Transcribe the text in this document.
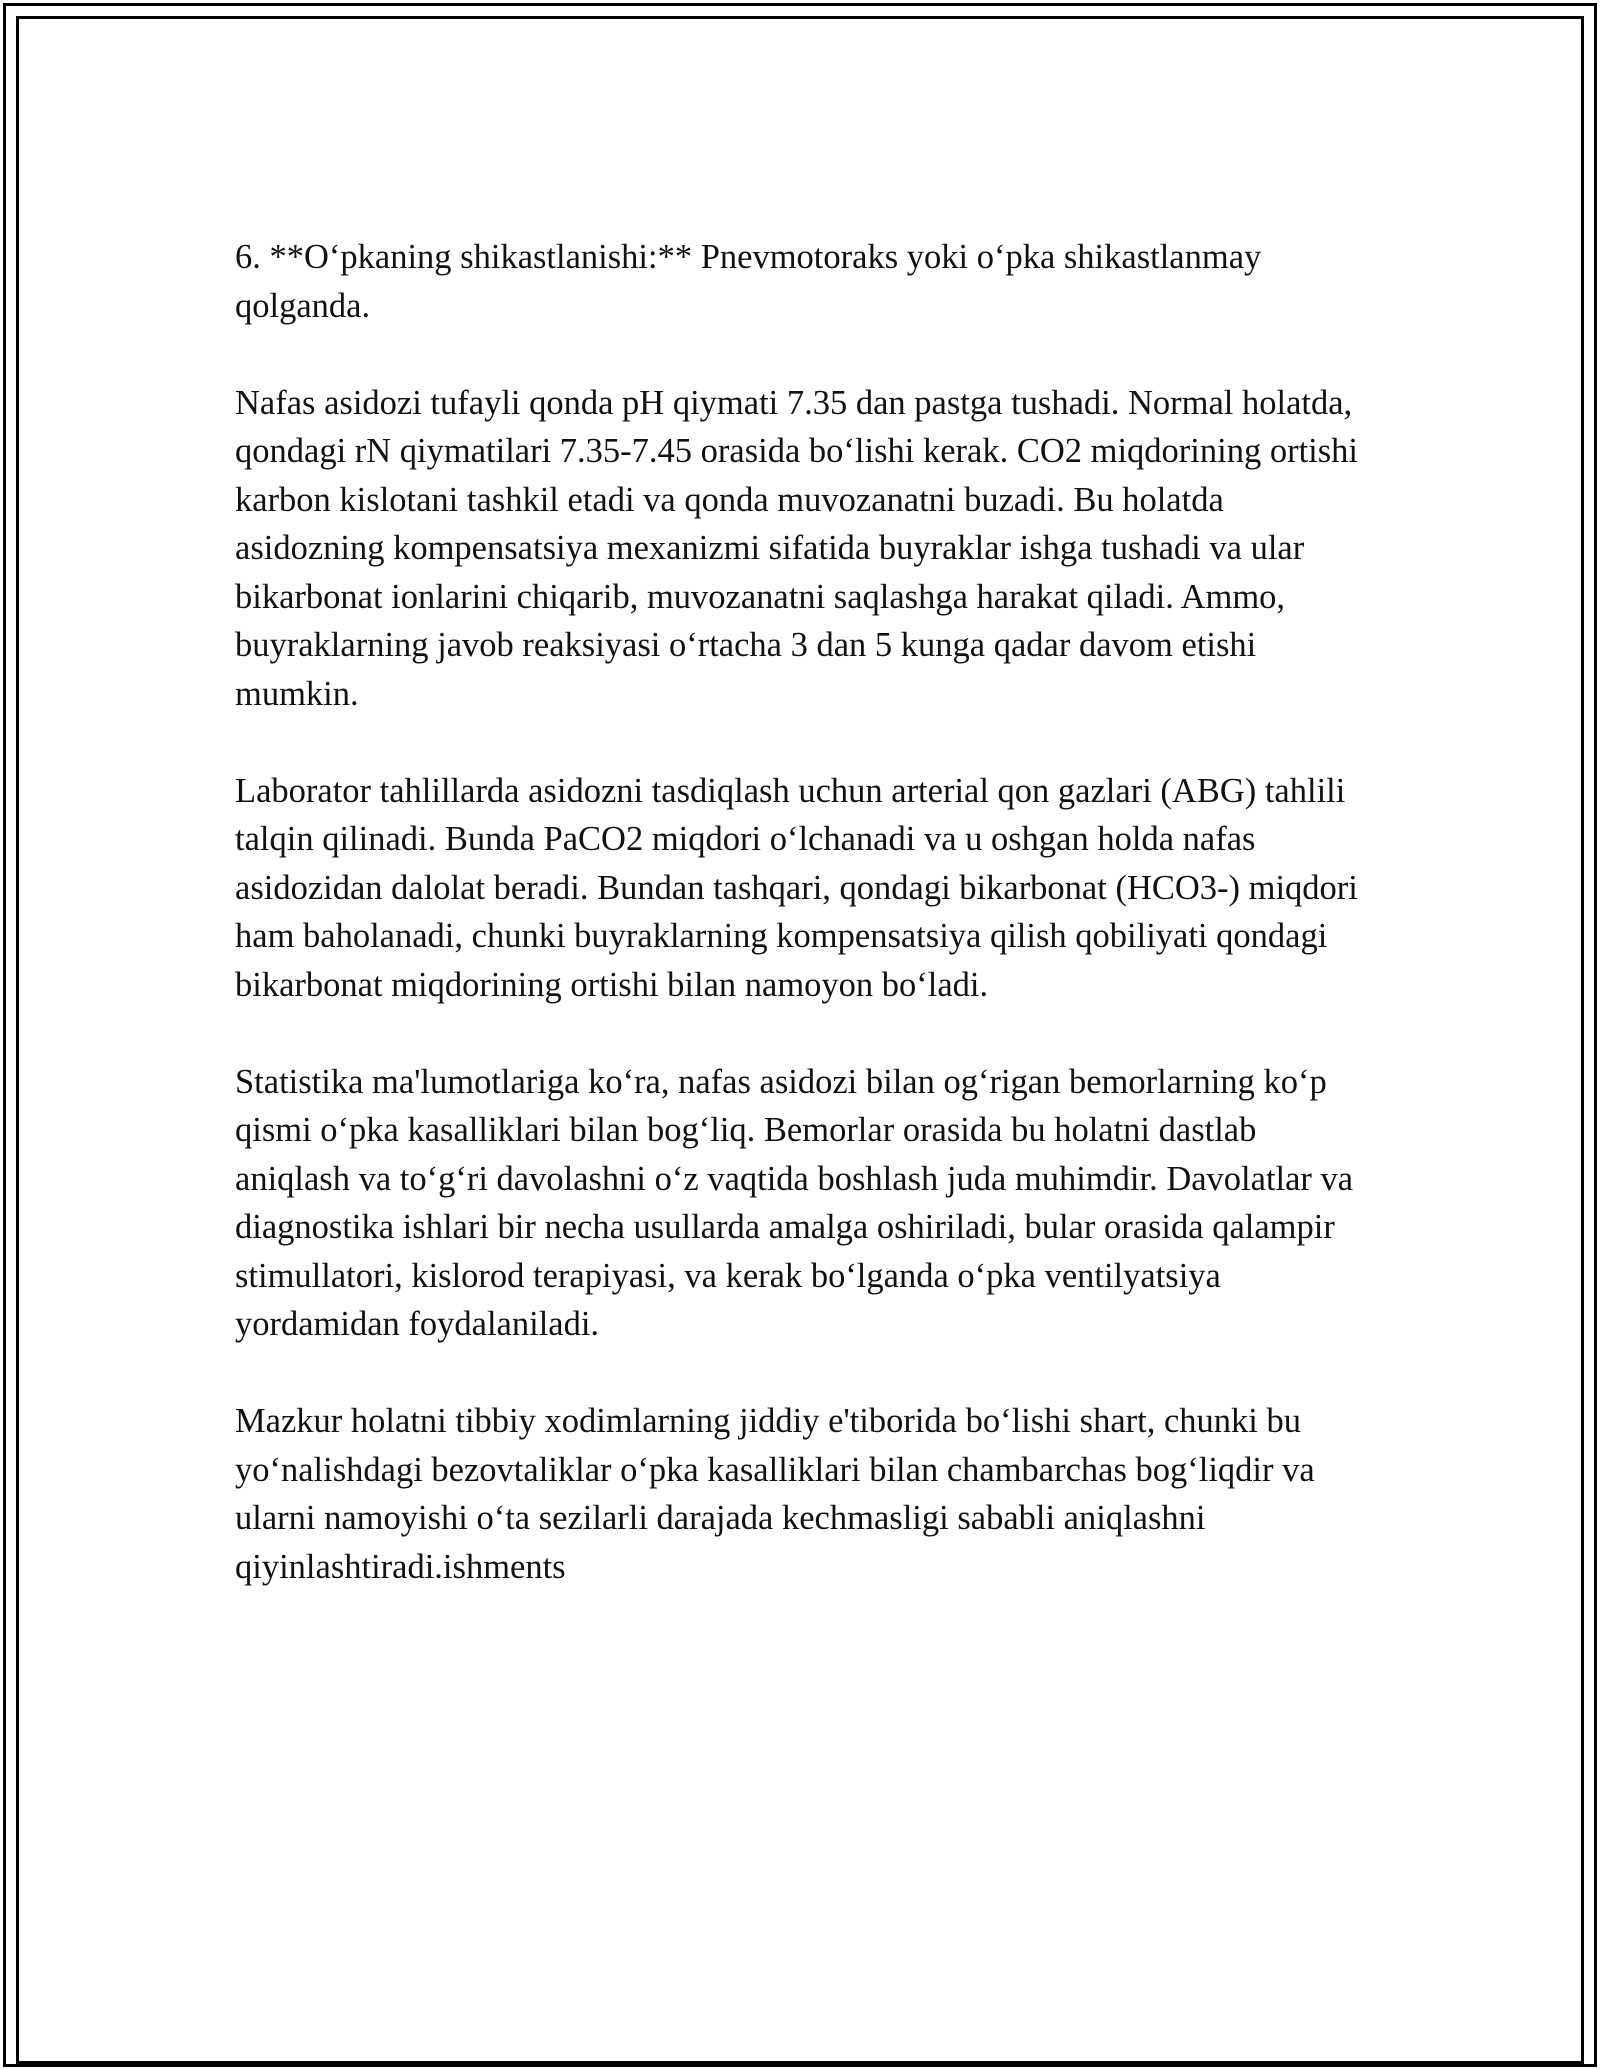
6. **Oʻpkaning shikastlanishi:** Pnevmotoraks yoki oʻpka shikastlanmay qolganda.

Nafas asidozi tufayli qonda pH qiymati 7.35 dan pastga tushadi. Normal holatda, qondagi rN qiymatilari 7.35-7.45 orasida boʻlishi kerak. CO2 miqdorining ortishi karbon kislotani tashkil etadi va qonda muvozanatni buzadi. Bu holatda asidozning kompensatsiya mexanizmi sifatida buyraklar ishga tushadi va ular bikarbonat ionlarini chiqarib, muvozanatni saqlashga harakat qiladi. Ammo, buyraklarning javob reaksiyasi oʻrtacha 3 dan 5 kunga qadar davom etishi mumkin.

Laborator tahlillarda asidozni tasdiqlash uchun arterial qon gazlari (ABG) tahlili talqin qilinadi. Bunda PaCO2 miqdori oʻlchanadi va u oshgan holda nafas asidozidan dalolat beradi. Bundan tashqari, qondagi bikarbonat (HCO3-) miqdori ham baholanadi, chunki buyraklarning kompensatsiya qilish qobiliyati qondagi bikarbonat miqdorining ortishi bilan namoyon boʻladi.

Statistika ma'lumotlariga koʻra, nafas asidozi bilan ogʻrigan bemorlarning koʻp qismi oʻpka kasalliklari bilan bogʻliq. Bemorlar orasida bu holatni dastlab aniqlash va toʻgʻri davolashni oʻz vaqtida boshlash juda muhimdir. Davolatlar va diagnostika ishlari bir necha usullarda amalga oshiriladi, bular orasida qalampir stimullatori, kislorod terapiyasi, va kerak boʻlganda oʻpka ventilyatsiya yordamidan foydalaniladi.

Mazkur holatni tibbiy xodimlarning jiddiy e'tiborida boʻlishi shart, chunki bu yoʻnalishdagi bezovtaliklar oʻpka kasalliklari bilan chambarchas bogʻliqdir va ularni namoyishi oʻta sezilarli darajada kechmasligi sababli aniqlashni qiyinlashtiradi.ishments
